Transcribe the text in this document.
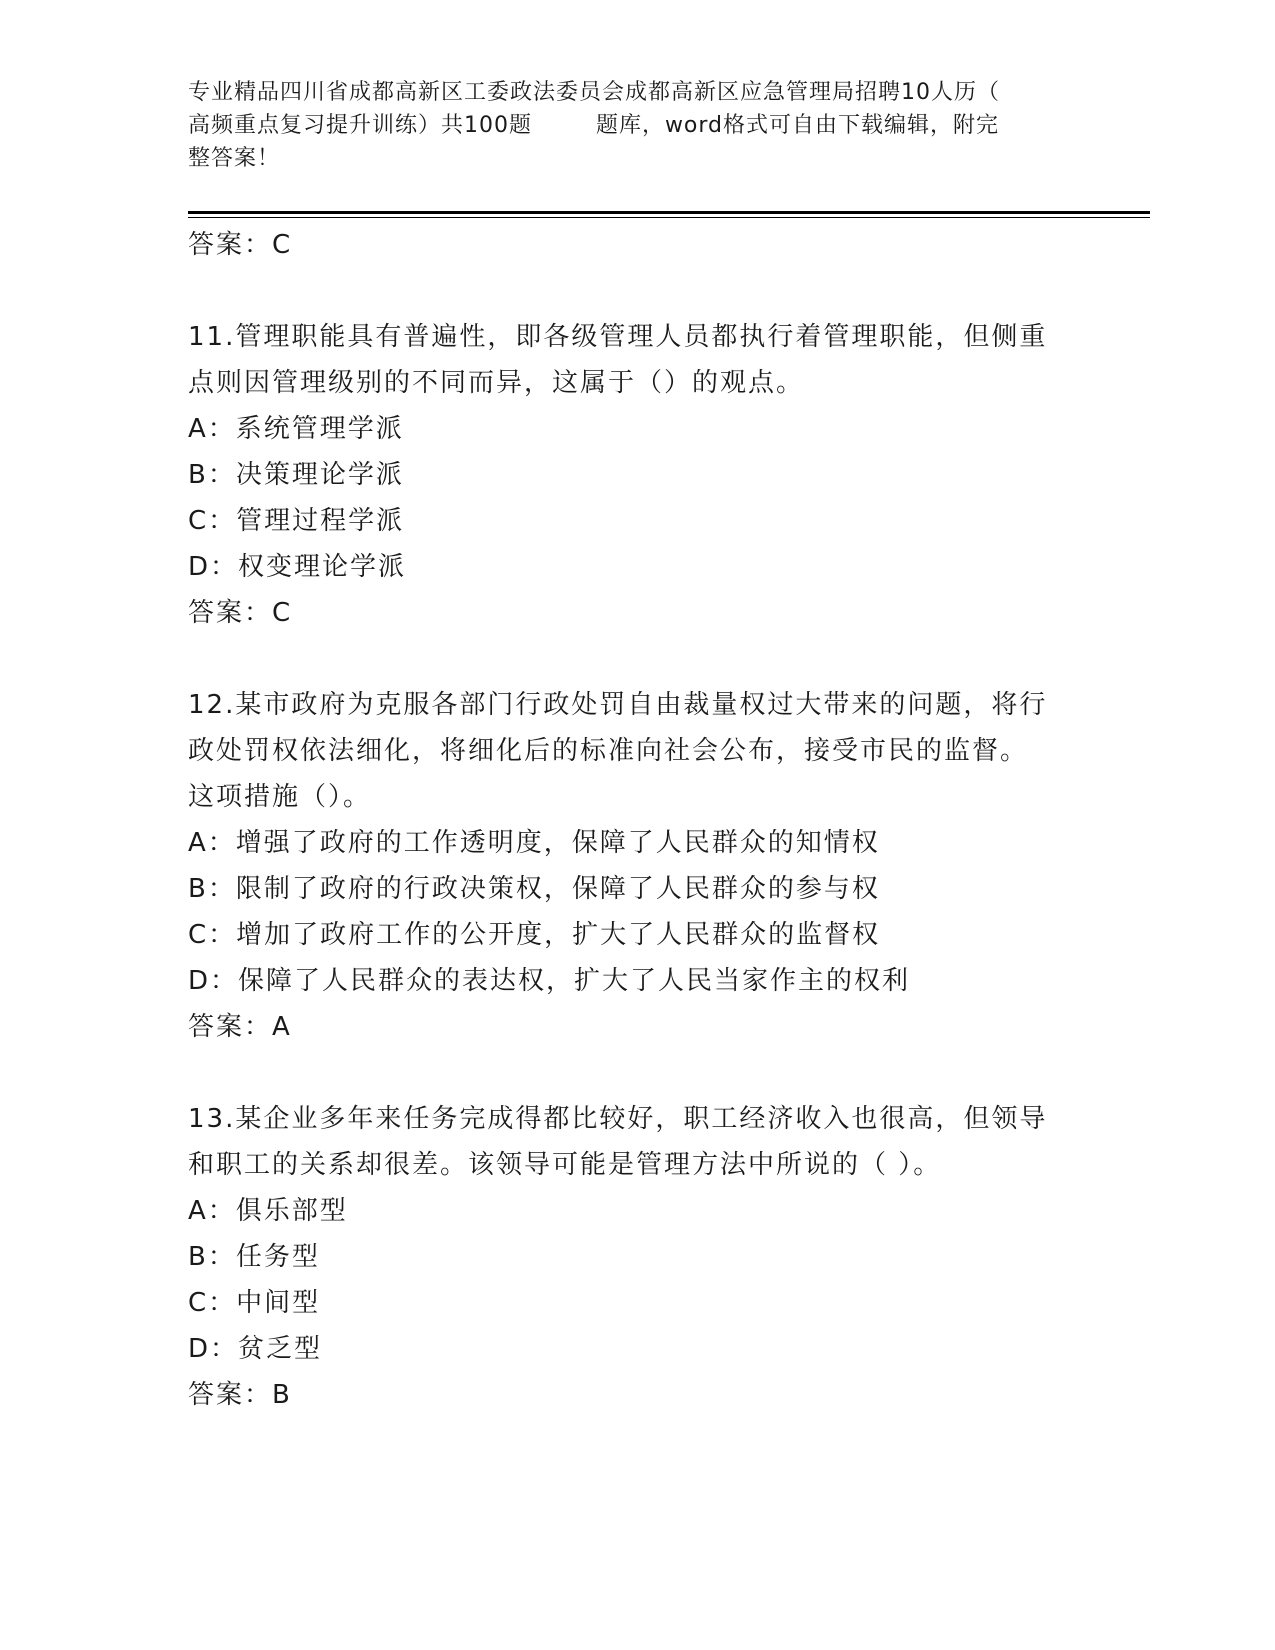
专业精品四川省成都高新区工委政法委员会成都高新区应急管理局招聘10人历（
高频重点复习提升训练）共100题        题库，word格式可自由下载编辑，附完
整答案！
答案：C
11.管理职能具有普遍性，即各级管理人员都执行着管理职能，但侧重
点则因管理级别的不同而异，这属于（）的观点。
A：系统管理学派
B：决策理论学派
C：管理过程学派
D：权变理论学派
答案：C
12.某市政府为克服各部门行政处罚自由裁量权过大带来的问题，将行
政处罚权依法细化，将细化后的标准向社会公布，接受市民的监督。
这项措施（）。
A：增强了政府的工作透明度，保障了人民群众的知情权
B：限制了政府的行政决策权，保障了人民群众的参与权
C：增加了政府工作的公开度，扩大了人民群众的监督权
D：保障了人民群众的表达权，扩大了人民当家作主的权利
答案：A
13.某企业多年来任务完成得都比较好，职工经济收入也很高，但领导
和职工的关系却很差。该领导可能是管理方法中所说的（ ）。
A：俱乐部型
B：任务型
C：中间型
D：贫乏型
答案：B
